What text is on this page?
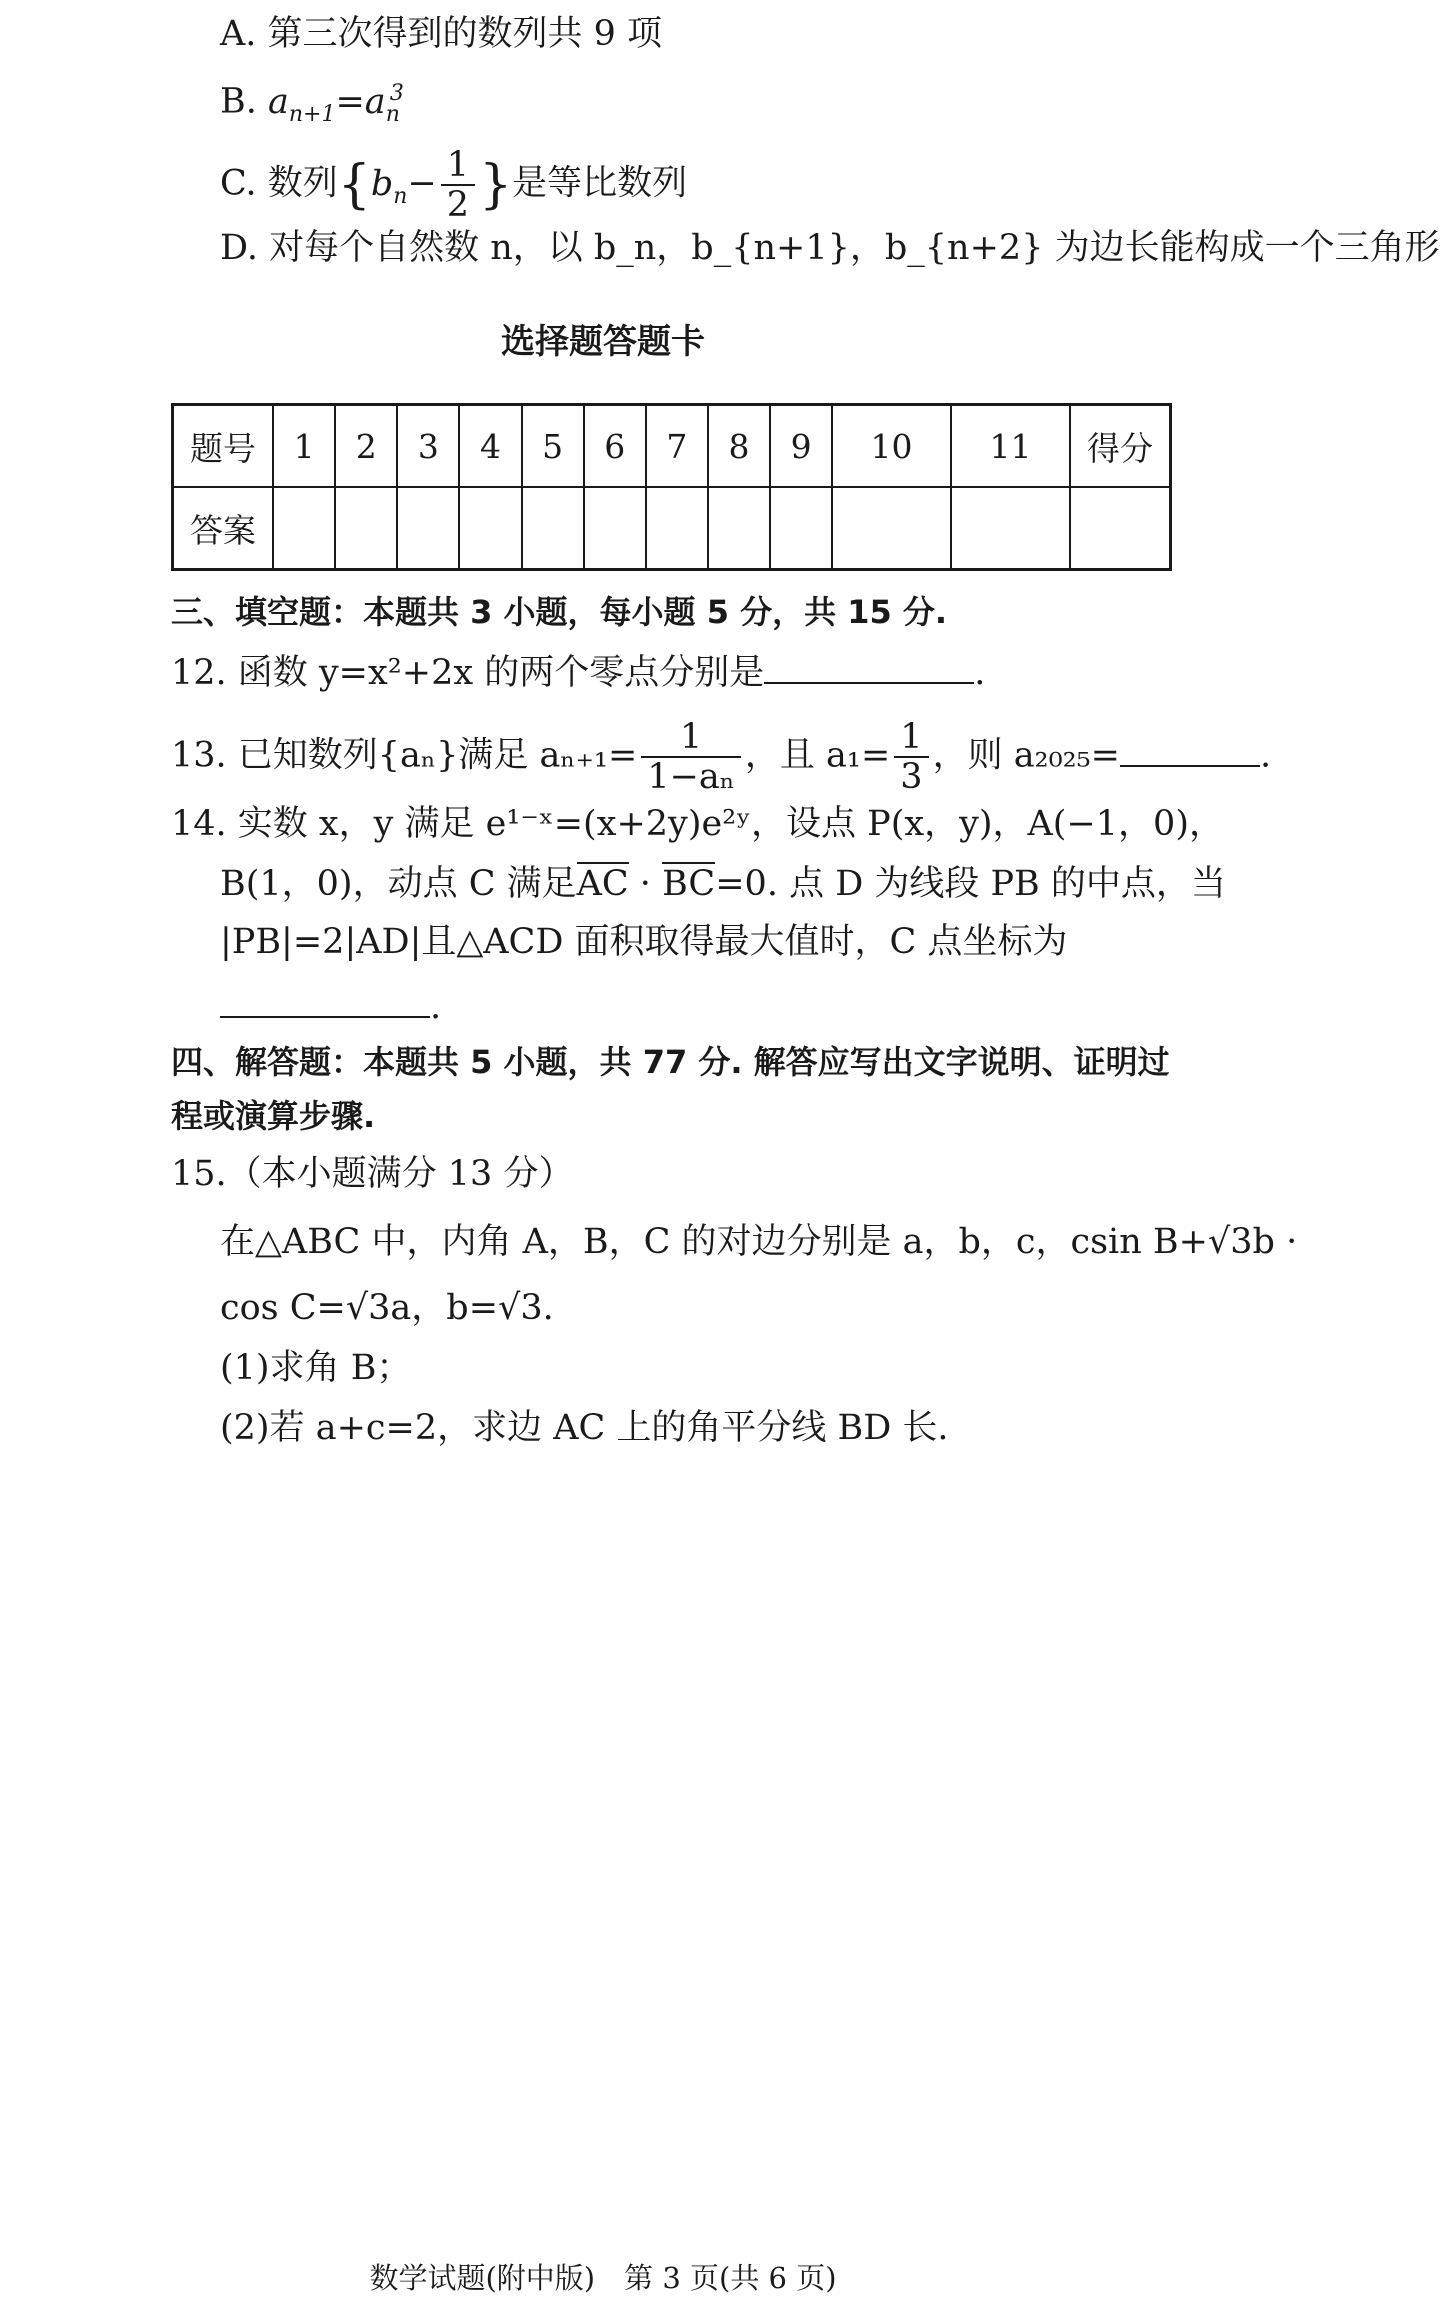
A. 第三次得到的数列共 9 项
B. $a_{n+1}=a_n^3$
C. 数列{$b_n- \frac{1}{2}$ }是等比数列
D. 对每个自然数 n，以 b_n，b_{n+1}，b_{n+2} 为边长能构成一个三角形
选择题答题卡
题号	1	2	3	4	5	6	7	8	9	10	11	得分
答案												
三、填空题：本题共 3 小题，每小题 5 分，共 15 分.
12. 函数 y=x²+2x 的两个零点分别是	.
13. 已知数列{aₙ}满足 $a_{n+1}= \frac{1}{\text{1−aₙ}}$ ，且 $a_1= \frac{1}{3}$ ，则 a₂₀₂₅=	.
14. 实数 x，y 满足 e¹⁻ˣ=(x+2y)e²ʸ，设点 P(x，y)，A(−1，0)，
B(1，0)，动点 C 满足AC · BC=0. 点 D 为线段 PB 的中点，当
|PB|=2|AD|且△ACD 面积取得最大值时，C 点坐标为
.
四、解答题：本题共 5 小题，共 77 分. 解答应写出文字说明、证明过
程或演算步骤.
15.（本小题满分 13 分）
在△ABC 中，内角 A，B，C 的对边分别是 a，b，c，csin B+√3b ·
cos C=√3a，b=√3.
(1)求角 B；
(2)若 a+c=2，求边 AC 上的角平分线 BD 长.
数学试题(附中版)　第 3 页(共 6 页)
